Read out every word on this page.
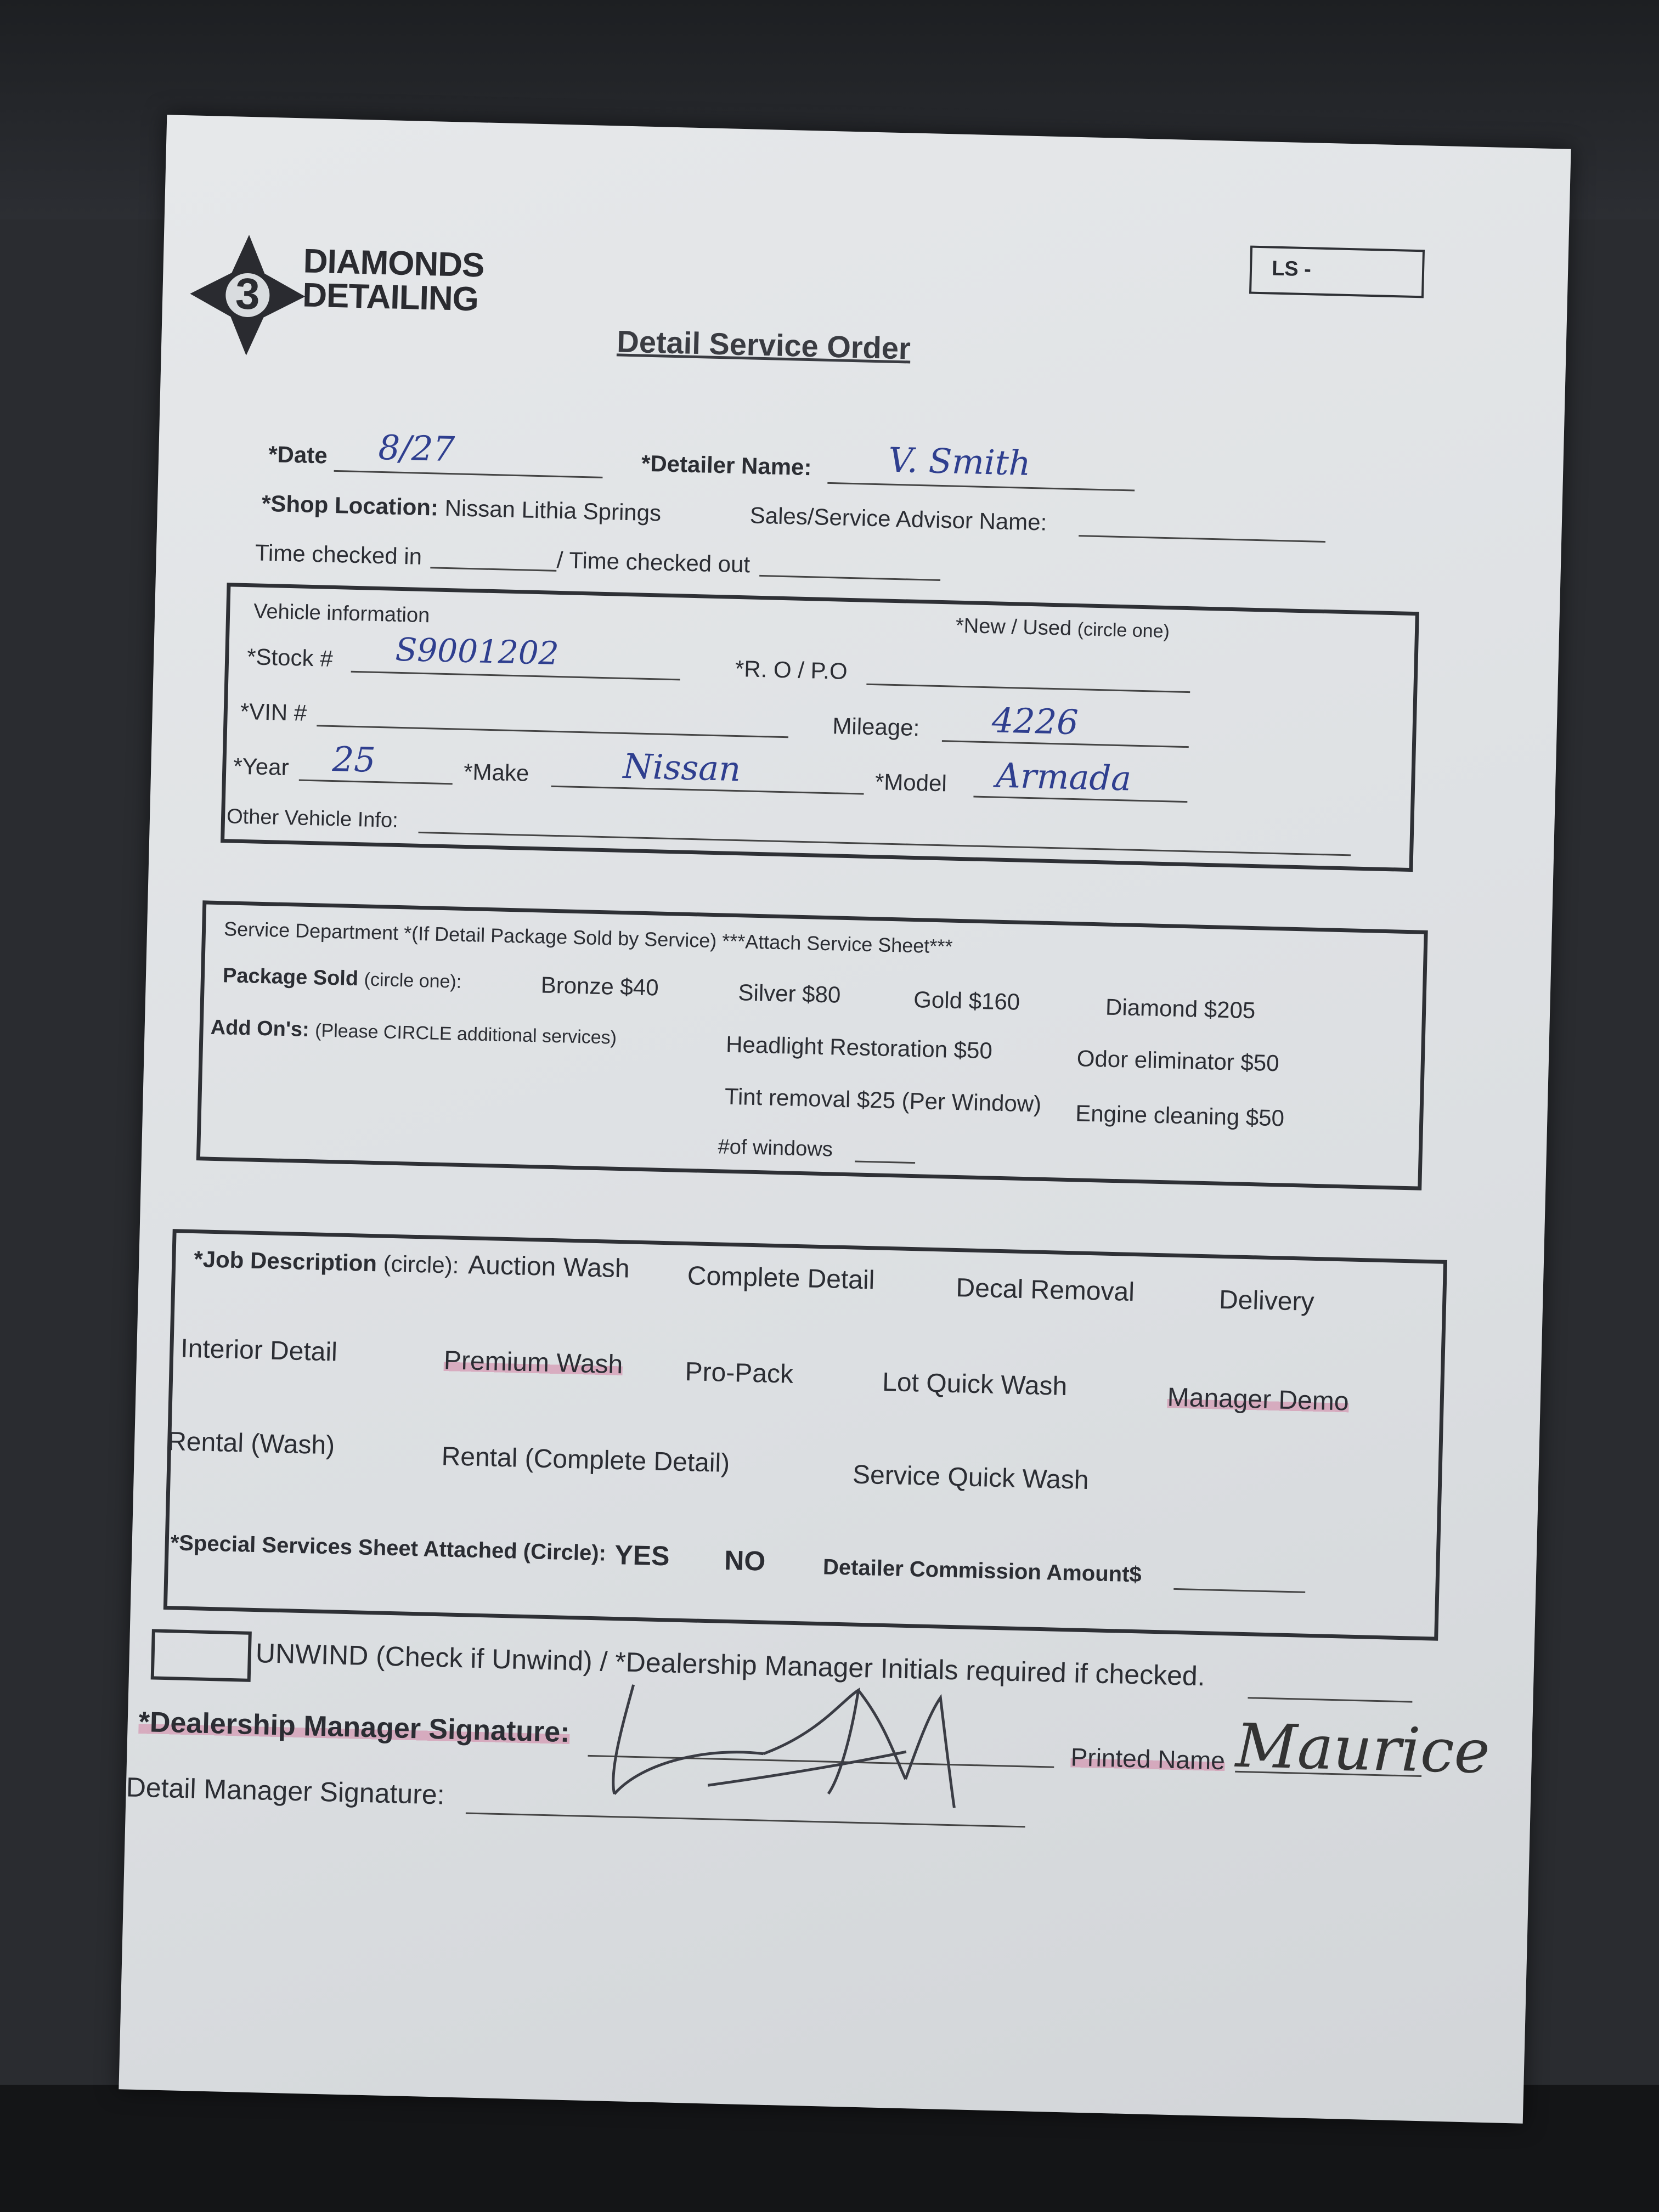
3
DIAMONDS
DETAILING
Detail Service Order
LS -
*Date 8/27	*Detailer Name: V. Smith
*Shop Location: Nissan Lithia Springs	Sales/Service Advisor Name:
Time checked in	/ Time checked out
Vehicle information
*New / Used (circle one)
*Stock # S9001202	*R. O / P.O
*VIN #
Mileage: 4226
*Year 25	*Make	Nissan	*Model Armada
Other Vehicle Info:
Service Department *(If Detail Package Sold by Service) ***Attach Service Sheet***
Package Sold (circle one):	Bronze $40	Silver $80	Gold $160	Diamond $205
Add On's: (Please CIRCLE additional services)	Headlight Restoration $50	Odor eliminator $50
Tint removal $25 (Per Window) Engine cleaning $50
#of windows
*Job Description (circle): Auction Wash Complete Detail	Decal Removal	Delivery
Interior Detail	Premium Wash Pro-Pack	Lot Quick Wash	Manager Demo
Rental (Wash)	Rental (Complete Detail)	Service Quick Wash
*Special Services Sheet Attached (Circle): YES NO	Detailer Commission Amount$
UNWIND (Check if Unwind) / *Dealership Manager Initials required if checked.
*Dealership Manager Signature:
Printed Name Maurice
Detail Manager Signature:
